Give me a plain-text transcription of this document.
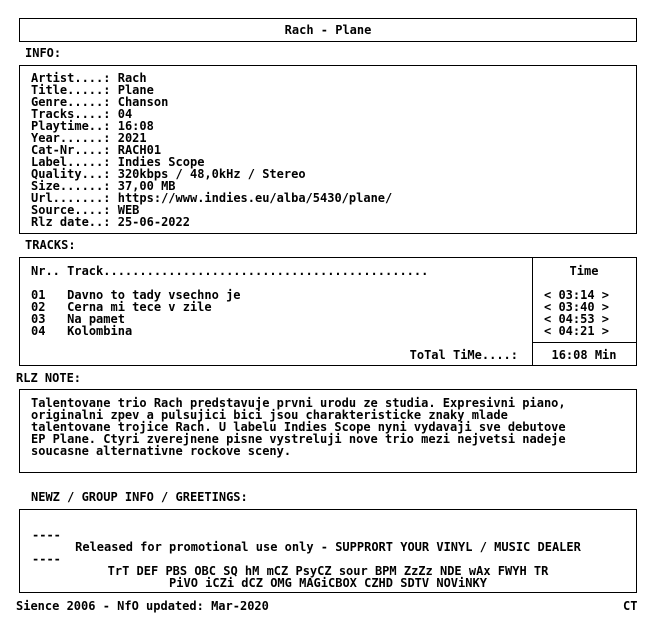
Rach - Plane
INFO:
Artist....: Rach
Title.....: Plane
Genre.....: Chanson
Tracks....: 04
Playtime..: 16:08
Year......: 2021
Cat-Nr....: RACH01
Label.....: Indies Scope
Quality...: 320kbps / 48,0kHz / Stereo
Size......: 37,00 MB
Url.......: https://www.indies.eu/alba/5430/plane/
Source....: WEB
Rlz date..: 25-06-2022
TRACKS:
Nr.. Track.............................................
01 Davno to tady vsechno je
02 Cerna mi tece v zile
03 Na pamet
04 Kolombina
Time
< 03:14 >
< 03:40 >
< 04:53 >
< 04:21 >
ToTal TiMe....:	16:08 Min
RLZ NOTE:
Talentovane trio Rach predstavuje prvni urodu ze studia. Expresivni piano,
originalni zpev a pulsujici bici jsou charakteristicke znaky mlade
talentovane trojice Rach. U labelu Indies Scope nyni vydavaji sve debutove
EP Plane. Ctyri zverejnene pisne vystreluji nove trio mezi nejvetsi nadeje
soucasne alternativne rockove sceny.
NEWZ / GROUP INFO / GREETINGS:
----
Released for promotional use only - SUPPRORT YOUR VINYL / MUSIC DEALER
----
TrT DEF PBS OBC SQ hM mCZ PsyCZ sour BPM ZzZz NDE wAx FWYH TR
PiVO iCZi dCZ OMG MAGiCBOX CZHD SDTV NOViNKY
Sience 2006 - NfO updated: Mar-2020	CT
